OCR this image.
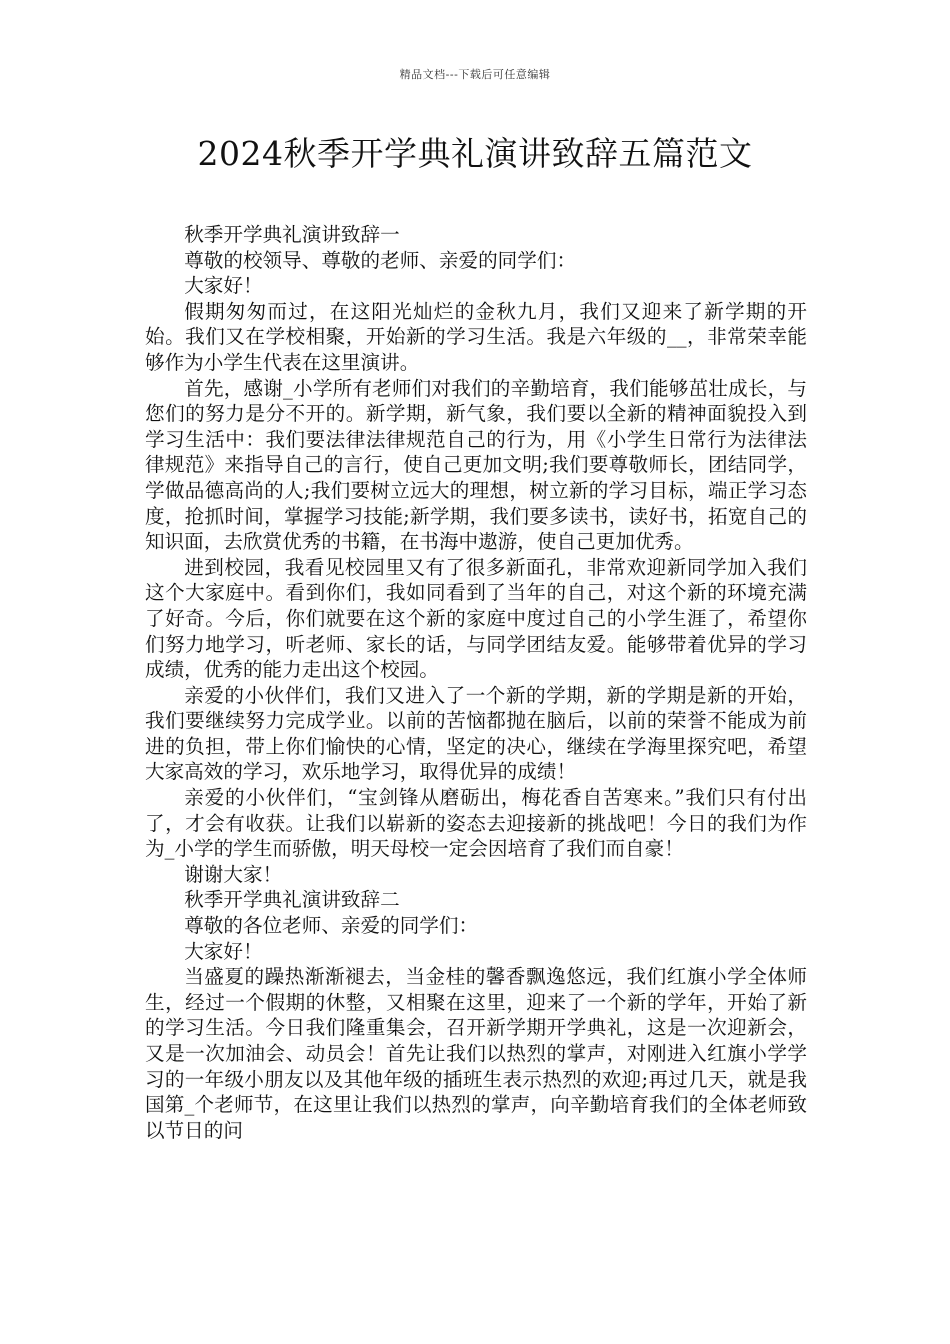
精品文档---下载后可任意编辑
2024秋季开学典礼演讲致辞五篇范文

秋季开学典礼演讲致辞一

尊敬的校领导、尊敬的老师、亲爱的同学们：

大家好！

假期匆匆而过，在这阳光灿烂的金秋九月，我们又迎来了新学期的开始。我们又在学校相聚，开始新的学习生活。我是六年级的__，非常荣幸能够作为小学生代表在这里演讲。

首先，感谢_小学所有老师们对我们的辛勤培育，我们能够茁壮成长，与您们的努力是分不开的。新学期，新气象，我们要以全新的精神面貌投入到学习生活中：我们要法律法律规范自己的行为，用《小学生日常行为法律法律规范》来指导自己的言行，使自己更加文明;我们要尊敬师长，团结同学，学做品德高尚的人;我们要树立远大的理想，树立新的学习目标，端正学习态度，抢抓时间，掌握学习技能;新学期，我们要多读书，读好书，拓宽自己的知识面，去欣赏优秀的书籍，在书海中遨游，使自己更加优秀。

进到校园，我看见校园里又有了很多新面孔，非常欢迎新同学加入我们这个大家庭中。看到你们，我如同看到了当年的自己，对这个新的环境充满了好奇。今后，你们就要在这个新的家庭中度过自己的小学生涯了，希望你们努力地学习，听老师、家长的话，与同学团结友爱。能够带着优异的学习成绩，优秀的能力走出这个校园。

亲爱的小伙伴们，我们又进入了一个新的学期，新的学期是新的开始，我们要继续努力完成学业。以前的苦恼都抛在脑后，以前的荣誉不能成为前进的负担，带上你们愉快的心情，坚定的决心，继续在学海里探究吧，希望大家高效的学习，欢乐地学习，取得优异的成绩！

亲爱的小伙伴们，“宝剑锋从磨砺出，梅花香自苦寒来。”我们只有付出了，才会有收获。让我们以崭新的姿态去迎接新的挑战吧！今日的我们为作为_小学的学生而骄傲，明天母校一定会因培育了我们而自豪！

谢谢大家！

秋季开学典礼演讲致辞二

尊敬的各位老师、亲爱的同学们：

大家好！

当盛夏的躁热渐渐褪去，当金桂的馨香飘逸悠远，我们红旗小学全体师生，经过一个假期的休整，又相聚在这里，迎来了一个新的学年，开始了新的学习生活。今日我们隆重集会，召开新学期开学典礼，这是一次迎新会，又是一次加油会、动员会！首先让我们以热烈的掌声，对刚进入红旗小学学习的一年级小朋友以及其他年级的插班生表示热烈的欢迎;再过几天，就是我国第_个老师节，在这里让我们以热烈的掌声，向辛勤培育我们的全体老师致以节日的问
